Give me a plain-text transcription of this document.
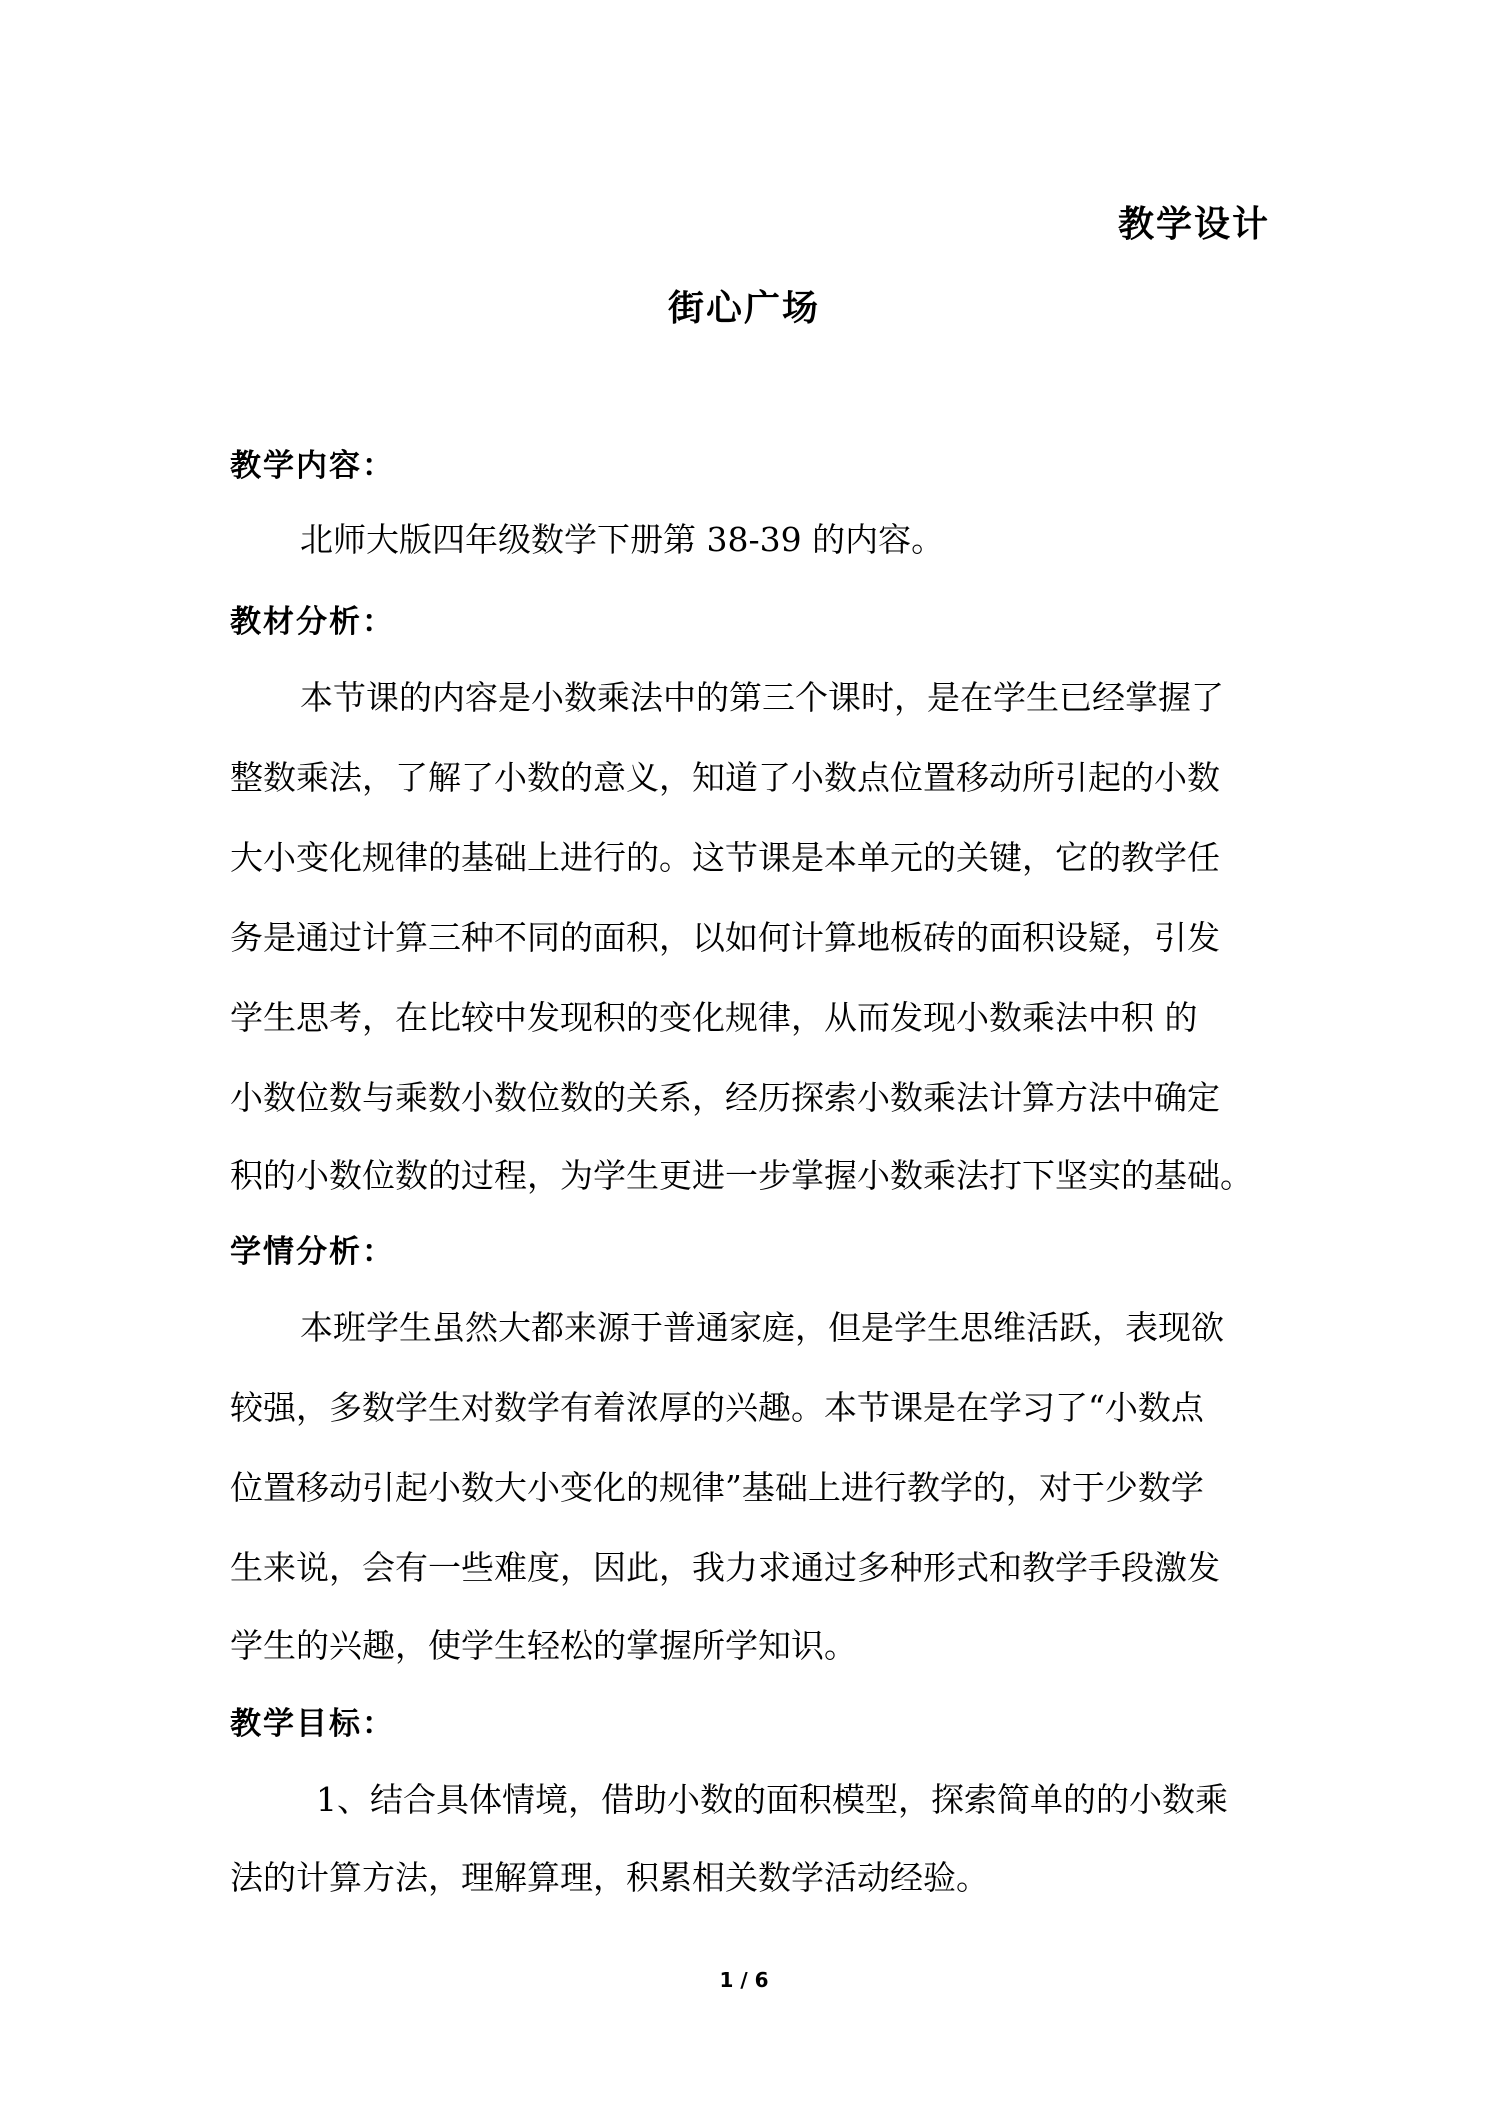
教学设计
街心广场
教学内容：
北师大版四年级数学下册第 38-39 的内容。
教材分析：
本节课的内容是小数乘法中的第三个课时，是在学生已经掌握了
整数乘法，了解了小数的意义，知道了小数点位置移动所引起的小数
大小变化规律的基础上进行的。这节课是本单元的关键，它的教学任
务是通过计算三种不同的面积，以如何计算地板砖的面积设疑，引发
学生思考，在比较中发现积的变化规律，从而发现小数乘法中积 的
小数位数与乘数小数位数的关系，经历探索小数乘法计算方法中确定
积的小数位数的过程，为学生更进一步掌握小数乘法打下坚实的基础。
学情分析：
本班学生虽然大都来源于普通家庭，但是学生思维活跃，表现欲
较强，多数学生对数学有着浓厚的兴趣。本节课是在学习了“小数点
位置移动引起小数大小变化的规律”基础上进行教学的，对于少数学
生来说，会有一些难度，因此，我力求通过多种形式和教学手段激发
学生的兴趣，使学生轻松的掌握所学知识。
教学目标：
1、结合具体情境，借助小数的面积模型，探索简单的的小数乘
法的计算方法，理解算理，积累相关数学活动经验。
1 / 6
